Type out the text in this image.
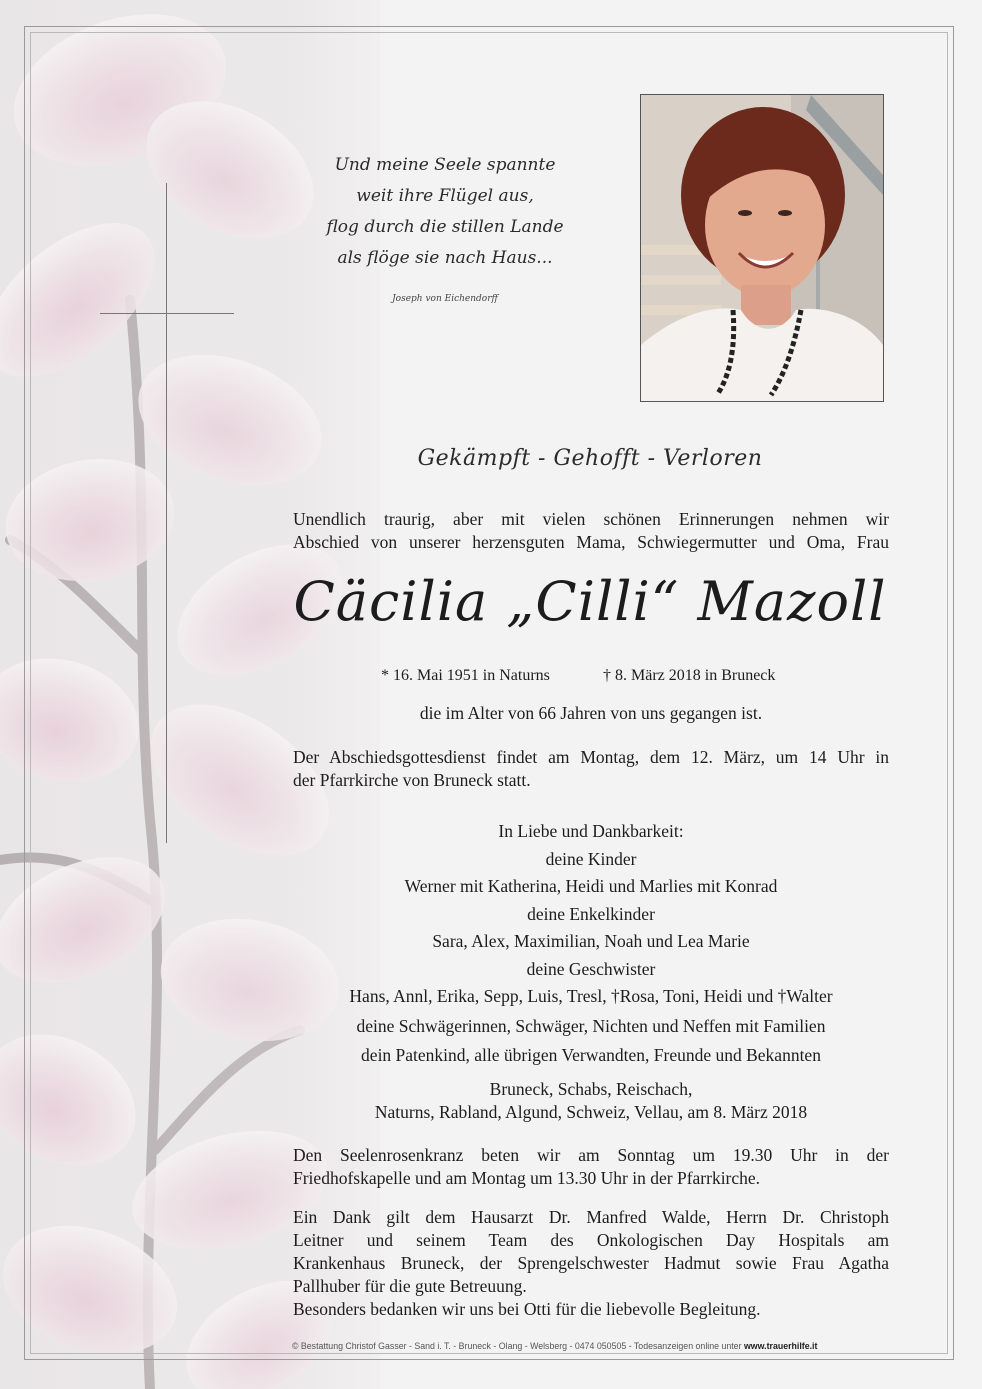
Und meine Seele spannte
weit ihre Flügel aus,
flog durch die stillen Lande
als flöge sie nach Haus...
Joseph von Eichendorff
Gekämpft - Gehofft - Verloren
Unendlich traurig, aber mit vielen schönen Erinnerungen nehmen wir
Abschied von unserer herzensguten Mama, Schwiegermutter und Oma, Frau
Cäcilia „Cilli“ Mazoll
* 16. Mai 1951 in Naturns	† 8. März 2018 in Bruneck
die im Alter von 66 Jahren von uns gegangen ist.
Der Abschiedsgottesdienst findet am Montag, dem 12. März, um 14 Uhr in
der Pfarrkirche von Bruneck statt.
In Liebe und Dankbarkeit:
deine Kinder
Werner mit Katherina, Heidi und Marlies mit Konrad
deine Enkelkinder
Sara, Alex, Maximilian, Noah und Lea Marie
deine Geschwister
Hans, Annl, Erika, Sepp, Luis, Tresl, †Rosa, Toni, Heidi und †Walter
deine Schwägerinnen, Schwäger, Nichten und Neffen mit Familien
dein Patenkind, alle übrigen Verwandten, Freunde und Bekannten
Bruneck, Schabs, Reischach,
Naturns, Rabland, Algund, Schweiz, Vellau, am 8. März 2018
Den Seelenrosenkranz beten wir am Sonntag um 19.30 Uhr in der
Friedhofskapelle und am Montag um 13.30 Uhr in der Pfarrkirche.
Ein Dank gilt dem Hausarzt Dr. Manfred Walde, Herrn Dr. Christoph
Leitner und seinem Team des Onkologischen Day Hospitals am
Krankenhaus Bruneck, der Sprengelschwester Hadmut sowie Frau Agatha
Pallhuber für die gute Betreuung.
Besonders bedanken wir uns bei Otti für die liebevolle Begleitung.
© Bestattung Christof Gasser - Sand i. T. - Bruneck - Olang - Welsberg - 0474 050505 - Todesanzeigen online unter www.trauerhilfe.it
